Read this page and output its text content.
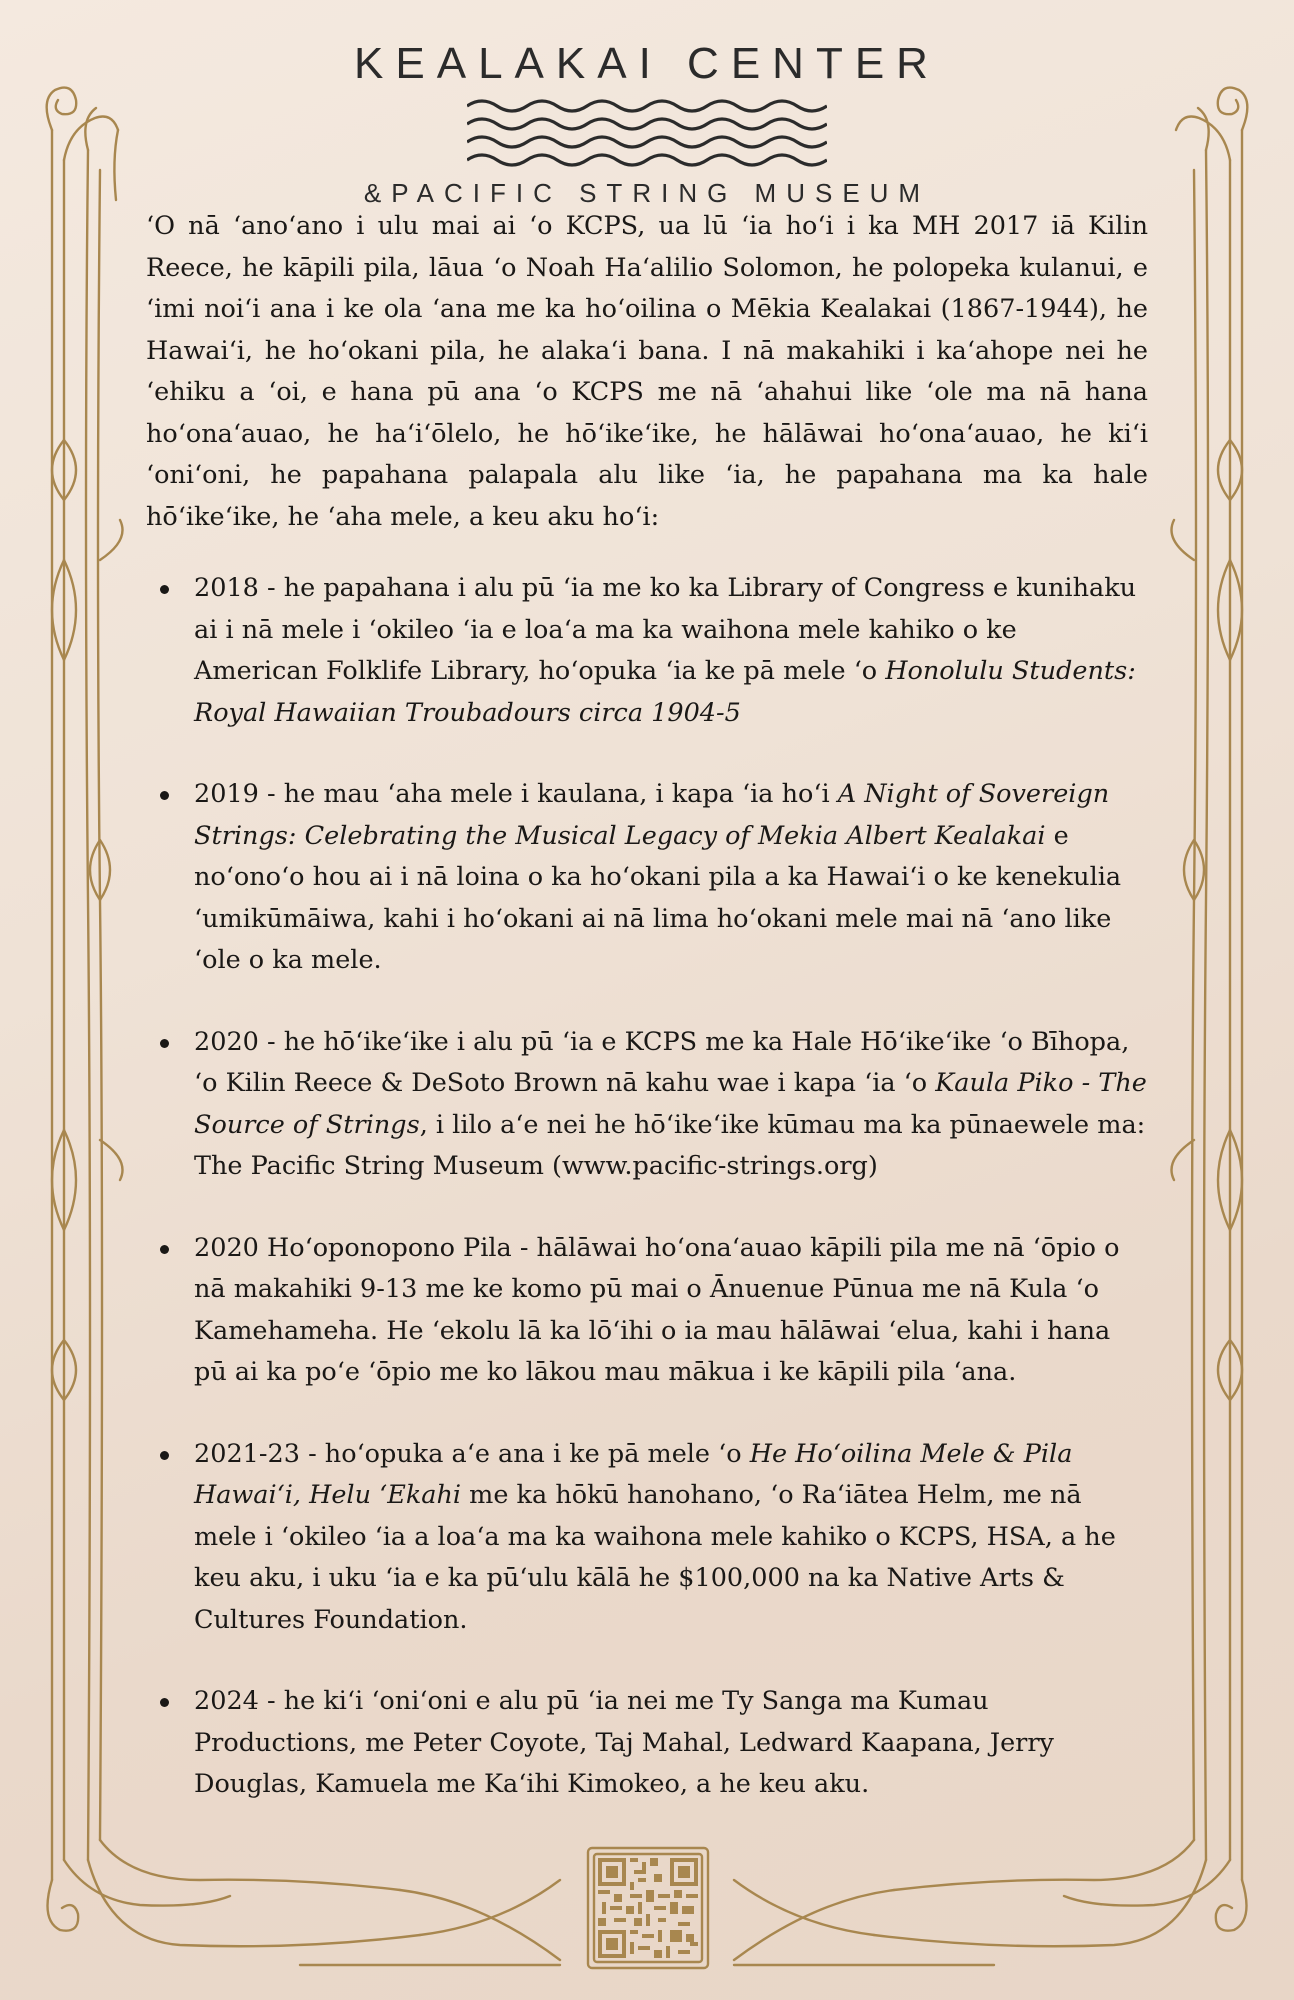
KEALAKAI CENTER
&PACIFIC STRING MUSEUM

ʻO nā ʻanoʻano i ulu mai ai ʻo KCPS, ua lū ʻia hoʻi i ka MH 2017 iā Kilin Reece, he kāpili pila, lāua ʻo Noah Haʻalilio Solomon, he polopeka kulanui, e ʻimi noiʻi ana i ke ola ʻana me ka hoʻoilina o Mēkia Kealakai (1867-1944), he Hawaiʻi, he hoʻokani pila, he alakaʻi bana. I nā makahiki i kaʻahope nei he ʻehiku a ʻoi, e hana pū ana ʻo KCPS me nā ʻahahui like ʻole ma nā hana hoʻonaʻauao, he haʻiʻōlelo, he hōʻikeʻike, he hālāwai hoʻonaʻauao, he kiʻi ʻoniʻoni, he papahana palapala alu like ʻia, he papahana ma ka hale hōʻikeʻike, he ʻaha mele, a keu aku hoʻi:

2018 - he papahana i alu pū ʻia me ko ka Library of Congress e kunihaku ai i nā mele i ʻokileo ʻia e loaʻa ma ka waihona mele kahiko o ke American Folklife Library, hoʻopuka ʻia ke pā mele ʻo Honolulu Students: Royal Hawaiian Troubadours circa 1904-5
2019 - he mau ʻaha mele i kaulana, i kapa ʻia hoʻi A Night of Sovereign Strings: Celebrating the Musical Legacy of Mekia Albert Kealakai e noʻonoʻo hou ai i nā loina o ka hoʻokani pila a ka Hawaiʻi o ke kenekulia ʻumikūmāiwa, kahi i hoʻokani ai nā lima hoʻokani mele mai nā ʻano like ʻole o ka mele.
2020 - he hōʻikeʻike i alu pū ʻia e KCPS me ka Hale Hōʻikeʻike ʻo Bīhopa, ʻo Kilin Reece & DeSoto Brown nā kahu wae i kapa ʻia ʻo Kaula Piko - The Source of Strings, i lilo aʻe nei he hōʻikeʻike kūmau ma ka pūnaewele ma: The Pacific String Museum (www.pacific-strings.org)
2020 Hoʻoponopono Pila - hālāwai hoʻonaʻauao kāpili pila me nā ʻōpio o nā makahiki 9-13 me ke komo pū mai o Ānuenue Pūnua me nā Kula ʻo Kamehameha. He ʻekolu lā ka lōʻihi o ia mau hālāwai ʻelua, kahi i hana pū ai ka poʻe ʻōpio me ko lākou mau mākua i ke kāpili pila ʻana.
2021-23 - hoʻopuka aʻe ana i ke pā mele ʻo He Hoʻoilina Mele & Pila Hawaiʻi, Helu ʻEkahi me ka hōkū hanohano, ʻo Raʻiātea Helm, me nā mele i ʻokileo ʻia a loaʻa ma ka waihona mele kahiko o KCPS, HSA, a he keu aku, i uku ʻia e ka pūʻulu kālā he $100,000 na ka Native Arts & Cultures Foundation.
2024 - he kiʻi ʻoniʻoni e alu pū ʻia nei me Ty Sanga ma Kumau Productions, me Peter Coyote, Taj Mahal, Ledward Kaapana, Jerry Douglas, Kamuela me Kaʻihi Kimokeo, a he keu aku.
